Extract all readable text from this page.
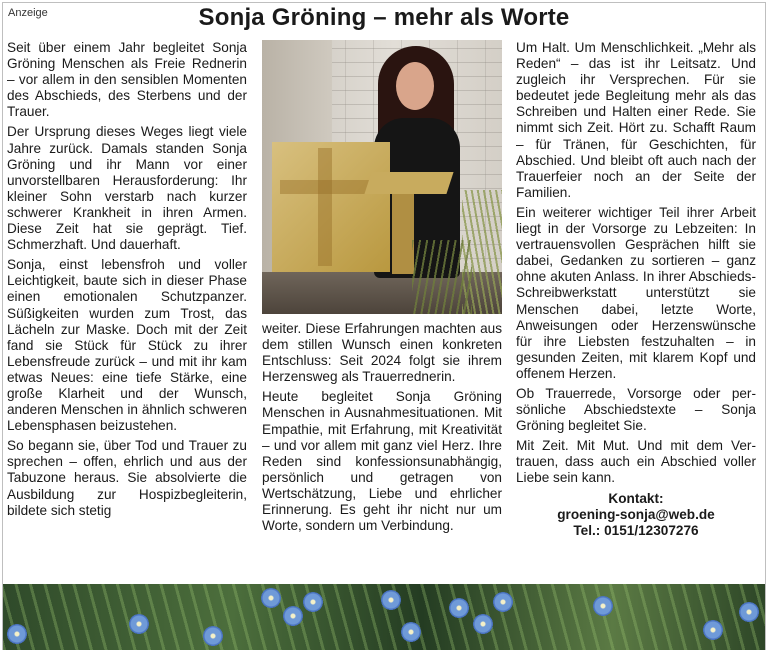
Anzeige	Sonja Gröning – mehr als Worte

Seit über einem Jahr begleitet Sonja Gröning Menschen als Freie Rednerin – vor allem in den sensiblen Momenten des Abschieds, des Sterbens und der Trauer.

Der Ursprung dieses Weges liegt viele Jahre zurück. Damals standen Sonja Gröning und ihr Mann vor einer unvorstellbaren Herausforderung: Ihr kleiner Sohn verstarb nach kurzer schwerer Krankheit in ihren Armen. Diese Zeit hat sie geprägt. Tief. Schmerzhaft. Und dauerhaft.

Sonja, einst lebensfroh und voller Leichtigkeit, baute sich in dieser Phase einen emotionalen Schutzpanzer. Süßigkeiten wurden zum Trost, das Lächeln zur Maske. Doch mit der Zeit fand sie Stück für Stück zu ihrer Lebensfreude zurück – und mit ihr kam etwas Neues: eine tiefe Stärke, eine große Klarheit und der Wunsch, anderen Menschen in ähnlich schweren Lebensphasen beizustehen.

So begann sie, über Tod und Trauer zu sprechen – offen, ehrlich und aus der Tabuzone heraus. Sie absolvierte die Ausbildung zur Hospizbegleiterin, bildete sich stetig

weiter. Diese Erfahrungen machten aus dem stillen Wunsch einen konkreten Entschluss: Seit 2024 folgt sie ihrem Herzensweg als Trauerrednerin.

Heute begleitet Sonja Gröning Menschen in Ausnahmesituationen. Mit Empathie, mit Erfahrung, mit Kreativität – und vor allem mit ganz viel Herz. Ihre Reden sind konfessionsunabhängig, persönlich und getragen von Wertschätzung, Liebe und ehrlicher Erinnerung. Es geht ihr nicht nur um Worte, sondern um Verbindung.

Um Halt. Um Menschlichkeit. „Mehr als Reden“ – das ist ihr Leitsatz. Und zugleich ihr Versprechen. Für sie bedeutet jede Begleitung mehr als das Schreiben und Halten einer Rede. Sie nimmt sich Zeit. Hört zu. Schafft Raum – für Tränen, für Geschichten, für Abschied. Und bleibt oft auch nach der Trauerfeier noch an der Seite der Familien.

Ein weiterer wichtiger Teil ihrer Arbeit liegt in der Vorsorge zu Lebzeiten: In vertrauensvollen Gesprächen hilft sie dabei, Gedanken zu sortieren – ganz ohne akuten Anlass. In ihrer Abschieds-Schreibwerkstatt unterstützt sie Menschen dabei, letzte Worte, Anweisungen oder Herzenswünsche für ihre Liebsten festzuhalten – in gesunden Zeiten, mit klarem Kopf und offenem Herzen.

Ob Trauerrede, Vorsorge oder persönliche Abschiedstexte – Sonja Gröning begleitet Sie.

Mit Zeit. Mit Mut. Und mit dem Vertrauen, dass auch ein Abschied voller Liebe sein kann.

Kontakt:
groening-sonja@web.de
Tel.: 0151/12307276
